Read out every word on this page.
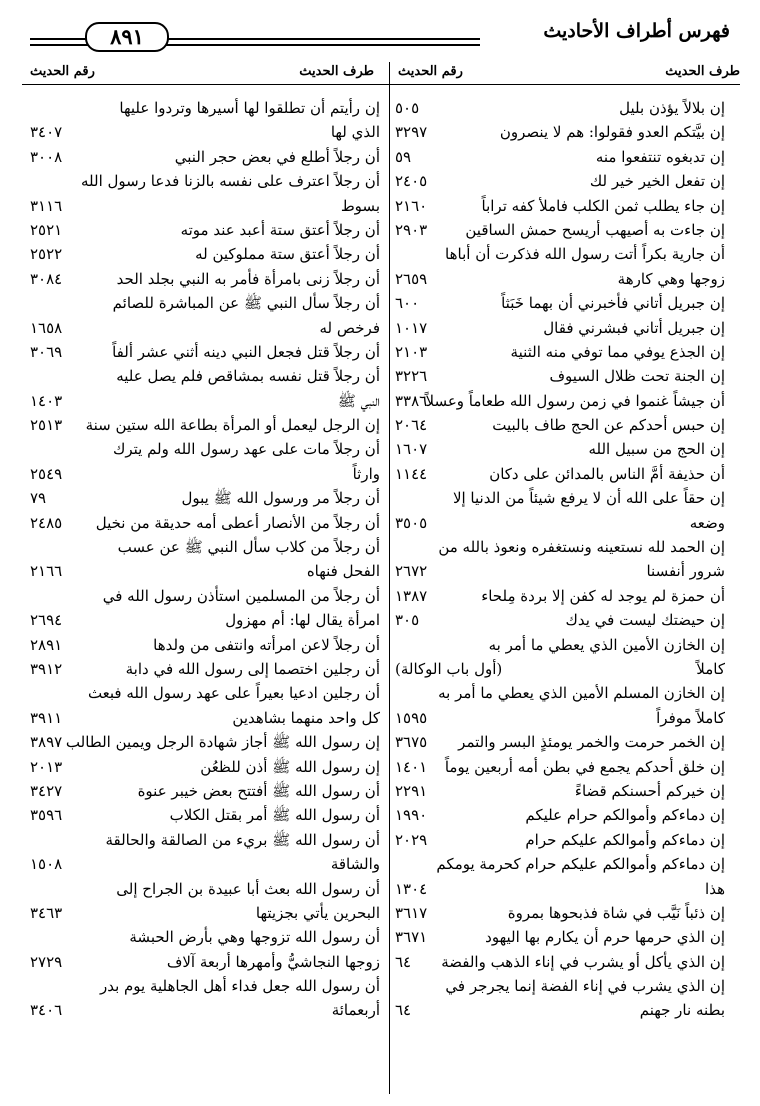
فهرس أطراف الأحاديث
٨٩١
طرف الحديث
رقم الحديث
طرف الحديث
رقم الحديث
إن بلالاً يؤذن بليل
٥٠٥
إن بيَّتكم العدو فقولوا: هم لا ينصرون
٣٢٩٧
إن تدبغوه تنتفعوا منه
٥٩
إن تفعل الخير خير لك
٢٤٠٥
إن جاء يطلب ثمن الكلب فاملأ كفه تراباً
٢١٦٠
إن جاءت به أصيهب أريسح حمش الساقين
٢٩٠٣
أن جارية بكراً أتت رسول الله فذكرت أن أباها
زوجها وهي كارهة
٢٦٥٩
إن جبريل أتاني فأخبرني أن بهما خَبَثاً
٦٠٠
إن جبريل أتاني فبشرني فقال
١٠١٧
إن الجذع يوفي مما توفي منه الثنية
٢١٠٣
إن الجنة تحت ظلال السيوف
٣٢٢٦
أن جيشاً غنموا في زمن رسول الله طعاماً وعسلاً
٣٣٨٦
إن حبس أحدكم عن الحج طاف بالبيت
٢٠٦٤
إن الحج من سبيل الله
١٦٠٧
أن حذيفة أمَّ الناس بالمدائن على دكان
١١٤٤
إن حقاً على الله أن لا يرفع شيئاً من الدنيا إلا
وضعه
٣٥٠٥
إن الحمد لله نستعينه ونستغفره ونعوذ بالله من
شرور أنفسنا
٢٦٧٢
أن حمزة لم يوجد له كفن إلا بردة مِلحاء
١٣٨٧
إن حيضتك ليست في يدك
٣٠٥
إن الخازن الأمين الذي يعطي ما أمر به
كاملاً
(أول باب الوكالة)
إن الخازن المسلم الأمين الذي يعطي ما أمر به
كاملاً موفراً
١٥٩٥
إن الخمر حرمت والخمر يومئذٍ البسر والتمر
٣٦٧٥
إن خلق أحدكم يجمع في بطن أمه أربعين يوماً
١٤٠١
إن خيركم أحسنكم قضاءً
٢٢٩١
إن دماءكم وأموالكم حرام عليكم
١٩٩٠
إن دماءكم وأموالكم عليكم حرام
٢٠٢٩
إن دماءكم وأموالكم عليكم حرام كحرمة يومكم
هذا
١٣٠٤
إن ذئباً نَيَّب في شاة فذبحوها بمروة
٣٦١٧
إن الذي حرمها حرم أن يكارم بها اليهود
٣٦٧١
إن الذي يأكل أو يشرب في إناء الذهب والفضة
٦٤
إن الذي يشرب في إناء الفضة إنما يجرجر في
بطنه نار جهنم
٦٤
إن رأيتم أن تطلقوا لها أسيرها وتردوا عليها
الذي لها
٣٤٠٧
أن رجلاً أطلع في بعض حجر النبي
٣٠٠٨
أن رجلاً اعترف على نفسه بالزنا فدعا رسول الله
بسوط
٣١١٦
أن رجلاً أعتق ستة أعبد عند موته
٢٥٢١
أن رجلاً أعتق ستة مملوكين له
٢٥٢٢
أن رجلاً زنى بامرأة فأمر به النبي بجلد الحد
٣٠٨٤
أن رجلاً سأل النبي ﷺ عن المباشرة للصائم
فرخص له
١٦٥٨
أن رجلاً قتل فجعل النبي دينه أثني عشر ألفاً
٣٠٦٩
أن رجلاً قتل نفسه بمشاقص فلم يصل عليه
النبي ﷺ
١٤٠٣
إن الرجل ليعمل أو المرأة بطاعة الله ستين سنة
٢٥١٣
أن رجلاً مات على عهد رسول الله ولم يترك
وارثاً
٢٥٤٩
أن رجلاً مر ورسول الله ﷺ يبول
٧٩
أن رجلاً من الأنصار أعطى أمه حديقة من نخيل
٢٤٨٥
أن رجلاً من كلاب سأل النبي ﷺ عن عسب
الفحل فنهاه
٢١٦٦
أن رجلاً من المسلمين استأذن رسول الله في
امرأة يقال لها: أم مهزول
٢٦٩٤
أن رجلاً لاعن امرأته وانتفى من ولدها
٢٨٩١
أن رجلين اختصما إلى رسول الله في دابة
٣٩١٢
أن رجلين ادعيا بعيراً على عهد رسول الله فبعث
كل واحد منهما بشاهدين
٣٩١١
إن رسول الله ﷺ أجاز شهادة الرجل ويمين الطالب
٣٨٩٧
إن رسول الله ﷺ أذن للظعُن
٢٠١٣
أن رسول الله ﷺ أفتتح بعض خيبر عنوة
٣٤٢٧
أن رسول الله ﷺ أمر بقتل الكلاب
٣٥٩٦
أن رسول الله ﷺ بريء من الصالقة والحالقة
والشاقة
١٥٠٨
أن رسول الله بعث أبا عبيدة بن الجراح إلى
البحرين يأتي بجزيتها
٣٤٦٣
أن رسول الله تزوجها وهي بأرض الحبشة
زوجها النجاشيُّ وأمهرها أربعة آلاف
٢٧٢٩
أن رسول الله جعل فداء أهل الجاهلية يوم بدر
أربعمائة
٣٤٠٦
